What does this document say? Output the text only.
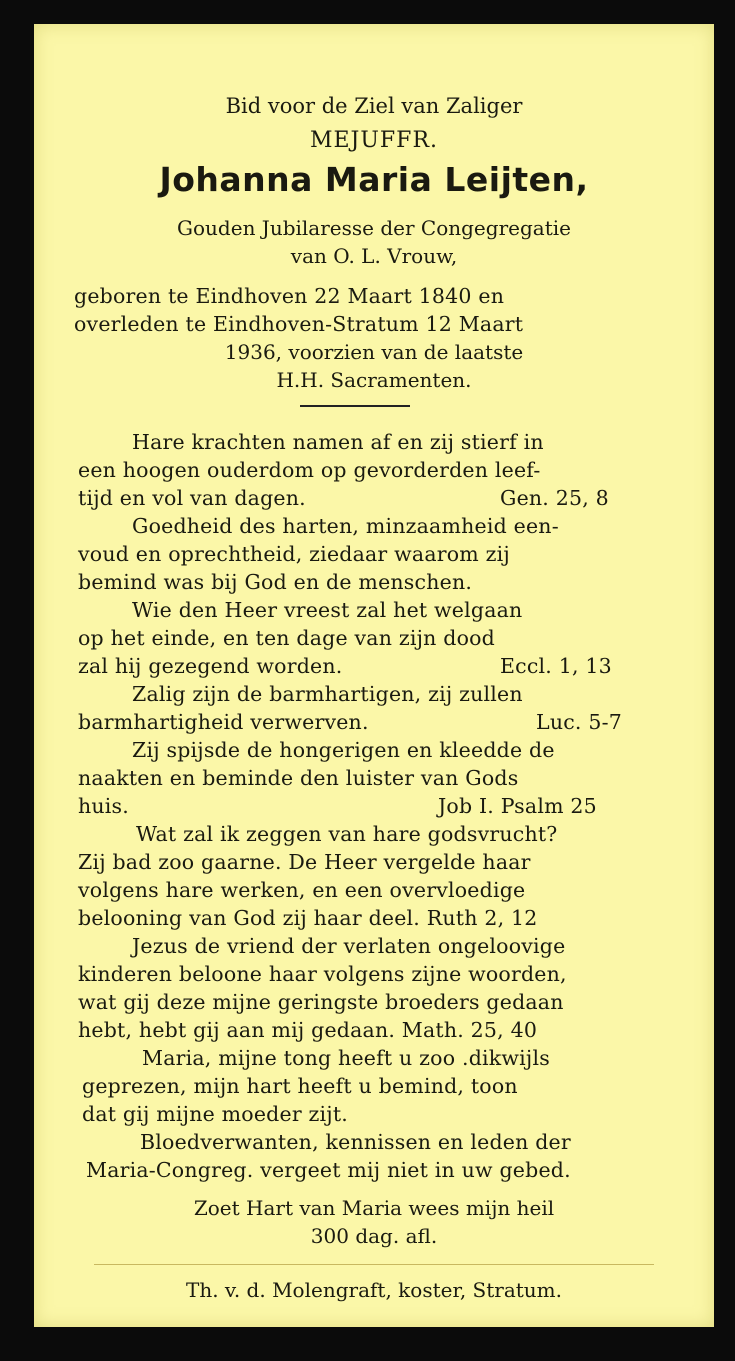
Bid voor de Ziel van Zaliger
MEJUFFR.
Johanna Maria Leijten,
Gouden Jubilaresse der Congegregatie
van O. L. Vrouw,
geboren te Eindhoven 22 Maart 1840 en
overleden te Eindhoven-Stratum 12 Maart
1936, voorzien van de laatste
H.H. Sacramenten.
Hare krachten namen af en zij stierf in
een hoogen ouderdom op gevorderden leef-
tijd en vol van dagen.	Gen. 25, 8
Goedheid des harten, minzaamheid een-
voud en oprechtheid, ziedaar waarom zij
bemind was bij God en de menschen.
Wie den Heer vreest zal het welgaan
op het einde, en ten dage van zijn dood
zal hij gezegend worden.	Eccl. 1, 13
Zalig zijn de barmhartigen, zij zullen
barmhartigheid verwerven.	Luc. 5-7
Zij spijsde de hongerigen en kleedde de
naakten en beminde den luister van Gods
huis.	Job I. Psalm 25
Wat zal ik zeggen van hare godsvrucht?
Zij bad zoo gaarne. De Heer vergelde haar
volgens hare werken, en een overvloedige
belooning van God zij haar deel. Ruth 2, 12
Jezus de vriend der verlaten ongeloovige
kinderen beloone haar volgens zijne woorden,
wat gij deze mijne geringste broeders gedaan
hebt, hebt gij aan mij gedaan. Math. 25, 40
Maria, mijne tong heeft u zoo .dikwijls
geprezen, mijn hart heeft u bemind, toon
dat gij mijne moeder zijt.
Bloedverwanten, kennissen en leden der
Maria-Congreg. vergeet mij niet in uw gebed.
Zoet Hart van Maria wees mijn heil
300 dag. afl.
Th. v. d. Molengraft, koster, Stratum.
